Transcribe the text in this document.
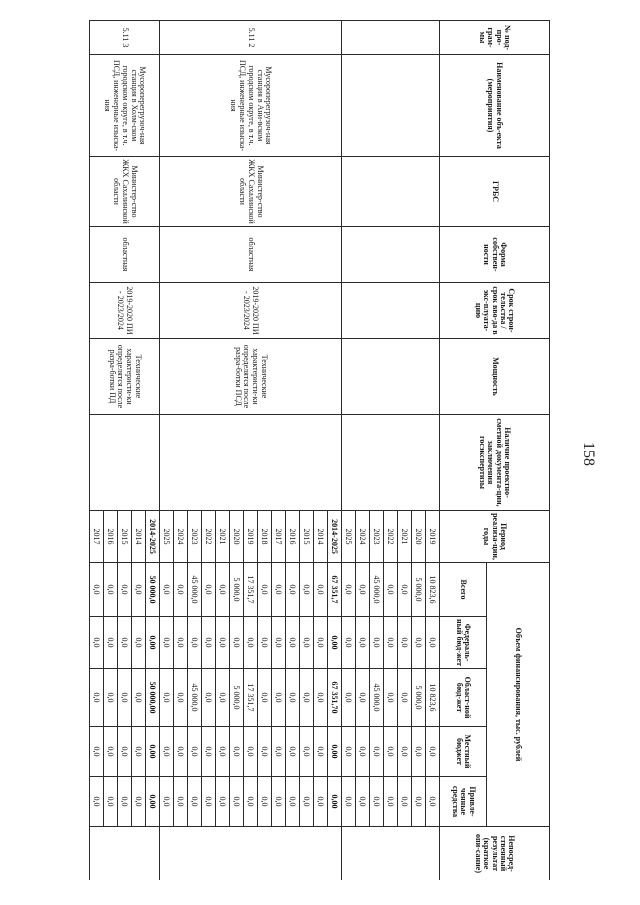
158
№ под-про-грам-мы	Наименование объ-екта (мероприятия)	ГРБС	Форма собствен-ности	Срок строи-тельства / срок вво-да в экс-плуата-цию	Мощность	Наличие проектно-сметной документа-ции, заключения госэкспертизы	Период реализа-ции, годы	Объем финансирования, тыс. рублей					Непосред-ственный результат (краткое опи-сание)
								Всего	Федераль-ный бюд-жет	Област-ной бюд-жет	Местный бюджет	Привле-ченные средства	
							2019	10 823,6	0,0	10 823,6	0,0	0,0	
							2020	5 000,0	0,0	5 000,0	0,0	0,0	
							2021	0,0	0,0	0,0	0,0	0,0	
							2022	0,0	0,0	0,0	0,0	0,0	
							2023	45 000,0	0,0	45 000,0	0,0	0,0	
							2024	0,0	0,0	0,0	0,0	0,0	
							2025	0,0	0,0	0,0	0,0	0,0	
5.11 2	Мусороперегрузоч-ная станция в Ани-вском городском округе, в т.ч. ПСД, инженерные изыска-ния	Министер-ство ЖКХ Сахалинской области	областная	2019-2020 ПИ - 2023/2024	Технические характеристи-ки определятся после разра-ботки ПСД		2014-2025	67 351,7	0,00	67 351,70	0,00	0,00	
							2014	0,0	0,0	0,0	0,0	0,0	
							2015	0,0	0,0	0,0	0,0	0,0	
							2016	0,0	0,0	0,0	0,0	0,0	
							2017	0,0	0,0	0,0	0,0	0,0	
							2018	0,0	0,0	0,0	0,0	0,0	
							2019	17 351,7	0,0	17 351,7	0,0	0,0	
							2020	5 000,0	0,0	5 000,0	0,0	0,0	
							2021	0,0	0,0	0,0	0,0	0,0	
							2022	0,0	0,0	0,0	0,0	0,0	
							2023	45 000,0	0,0	45 000,0	0,0	0,0	
							2024	0,0	0,0	0,0	0,0	0,0	
							2025	0,0	0,0	0,0	0,0	0,0	
5.11 3	Мусороперегрузоч-ная станция в Холм-ском городском округе, в т.ч. ПСД, инженерные изыска-ния	Министер-ство ЖКХ Сахалинской области	областная	2019-2020 ПИ - 2023/2024	Технические характеристи-ки определятся после разра-ботки ПД		2014-2025	50 000,0	0,00	50 000,00	0,00	0,00	
							2014	0,0	0,0	0,0	0,0	0,0	
							2015	0,0	0,0	0,0	0,0	0,0	
							2016	0,0	0,0	0,0	0,0	0,0	
							2017	0,0	0,0	0,0	0,0	0,0	
